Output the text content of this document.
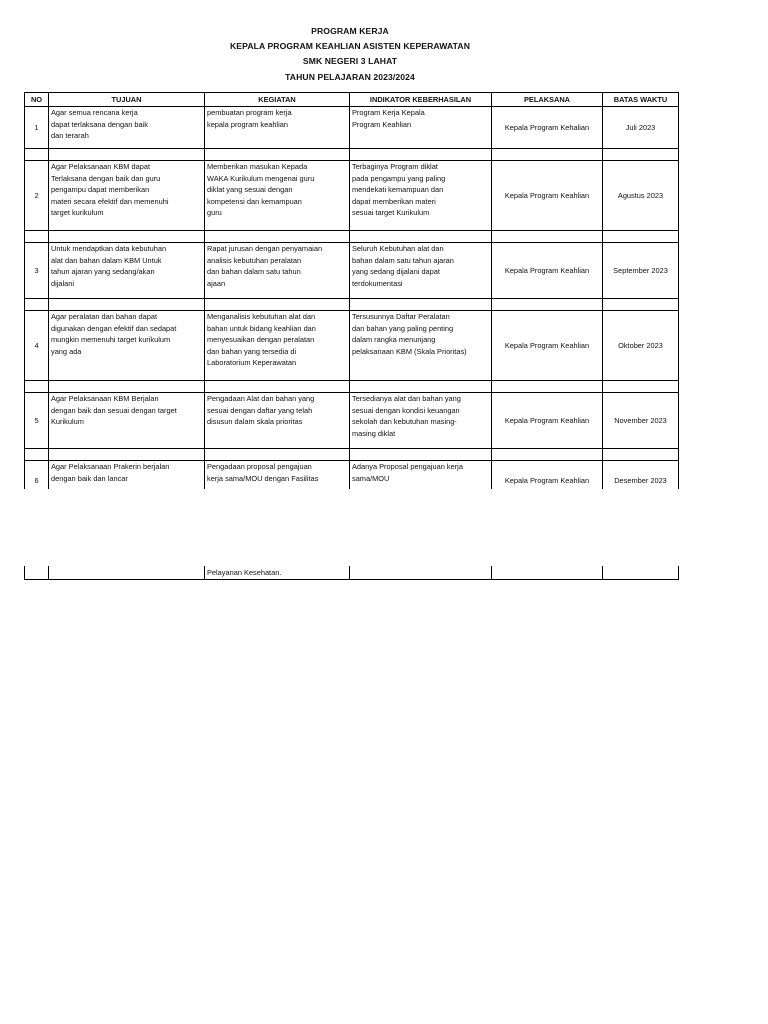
PROGRAM KERJA
KEPALA PROGRAM KEAHLIAN ASISTEN KEPERAWATAN
SMK NEGERI 3 LAHAT
TAHUN PELAJARAN 2023/2024
NO	TUJUAN	KEGIATAN	INDIKATOR KEBERHASILAN	PELAKSANA	BATAS WAKTU
1	Agar semua rencana kerja
dapat terlaksana dengan baik
dan terarah	pembuatan program kerja
kepala program keahlian	Program Kerja Kepala
Program Keahlian	Kepala Program Kehalian	Juli 2023

2	Agar Pelaksanaan KBM dapat
Terlaksana dengan baik dan guru
pengampu dapat memberikan
materi secara efektif dan memenuhi
target kurikulum	Memberikan masukan Kepada
WAKA Kurikulum mengenai guru
diklat yang sesuai dengan
kompetensi dan kemampuan
guru	Terbaginya Program diklat
pada pengampu yang paling
mendekati kemampuan dan
dapat memberikan materi
sesuai target Kurikulum	Kepala Program Keahlian	Agustus 2023

3	Untuk mendaptkan data kebutuhan
alat dan bahan dalam KBM Untuk
tahun ajaran yang sedang/akan
dijalani	Rapat jurusan dengan penyamaian
analisis kebutuhan peralatan
dan bahan dalam satu tahun
ajaan	Seluruh Kebutuhan alat dan
bahan dalam satu tahun ajaran
yang sedang dijalani dapat
terdokumentasi	Kepala Program Keahlian	September 2023

4	Agar peralatan dan bahan dapat
digunakan dengan efektif dan sedapat
mungkin memenuhi target kurikulum
yang ada	Menganalisis kebutuhan alat dan
bahan untuk bidang keahlian dan
menyesuaikan dengan peralatan
dan bahan yang tersedia di
Laboratorium Keperawatan	Tersusunnya Daftar Peralatan
dan bahan yang paling penting
dalam rangka menunjang
pelaksanaan KBM (Skala Prioritas)	Kepala Program Keahlian	Oktober 2023

5	Agar Pelaksanaan KBM Berjalan
dengan baik dan sesuai dengan target
Kurikulum	Pengadaan Alat dan bahan yang
sesuai dengan daftar yang telah
disusun dalam skala prioritas	Tersedianya alat dan bahan yang
sesuai dengan kondisi keuangan
sekolah dan kebutuhan masing-
masing diklat	Kepala Program Keahlian	November 2023

6	Agar Pelaksanaan Prakerin berjalan
dengan baik dan lancar	Pengadaan proposal pengajuan
kerja sama/MOU dengan Fasilitas	Adanya Proposal pengajuan kerja
sama/MOU	Kepala Program Keahlian	Desember 2023
		Pelayanan Kesehatan.			
